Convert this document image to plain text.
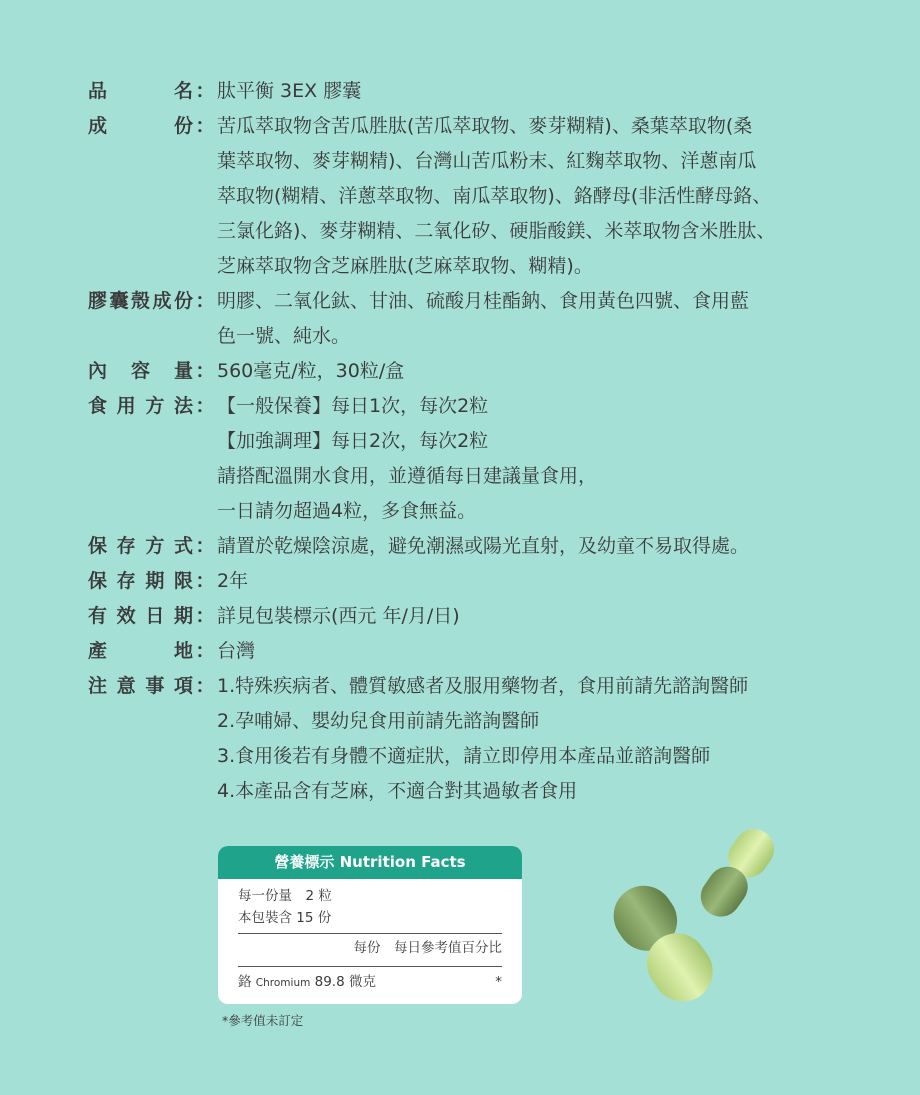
品	名 ： 肽平衡 3EX 膠囊
成	份 ： 苦瓜萃取物含苦瓜胜肽(苦瓜萃取物、麥芽糊精)、桑葉萃取物(桑
葉萃取物、麥芽糊精)、台灣山苦瓜粉末、紅麴萃取物、洋蔥南瓜
萃取物(糊精、洋蔥萃取物、南瓜萃取物)、鉻酵母(非活性酵母鉻、
三氯化鉻)、麥芽糊精、二氧化矽、硬脂酸鎂、米萃取物含米胜肽、
芝麻萃取物含芝麻胜肽(芝麻萃取物、糊精)。
膠 囊 殼 成 份 ： 明膠、二氧化鈦、甘油、硫酸月桂酯鈉、食用黃色四號、食用藍
色一號、純水。
內 容 量 ： 560毫克/粒，30粒/盒
食 用 方 法 ： 【一般保養】每日1次，每次2粒
【加強調理】每日2次，每次2粒
請搭配溫開水食用，並遵循每日建議量食用，
一日請勿超過4粒，多食無益。
保 存 方 式 ： 請置於乾燥陰涼處，避免潮濕或陽光直射，及幼童不易取得處。
保 存 期 限 ： 2年
有 效 日 期 ： 詳見包裝標示(西元 年/月/日)
產	地 ： 台灣
注 意 事 項 ： 1.特殊疾病者、體質敏感者及服用藥物者，食用前請先諮詢醫師
2.孕哺婦、嬰幼兒食用前請先諮詢醫師
3.食用後若有身體不適症狀，請立即停用本產品並諮詢醫師
4.本產品含有芝麻，不適合對其過敏者食用
營養標示 Nutrition Facts
每一份量　2 粒
本包裝含 15 份
每份　每日參考值百分比
鉻 Chromium 89.8 微克	*
*參考值未訂定
